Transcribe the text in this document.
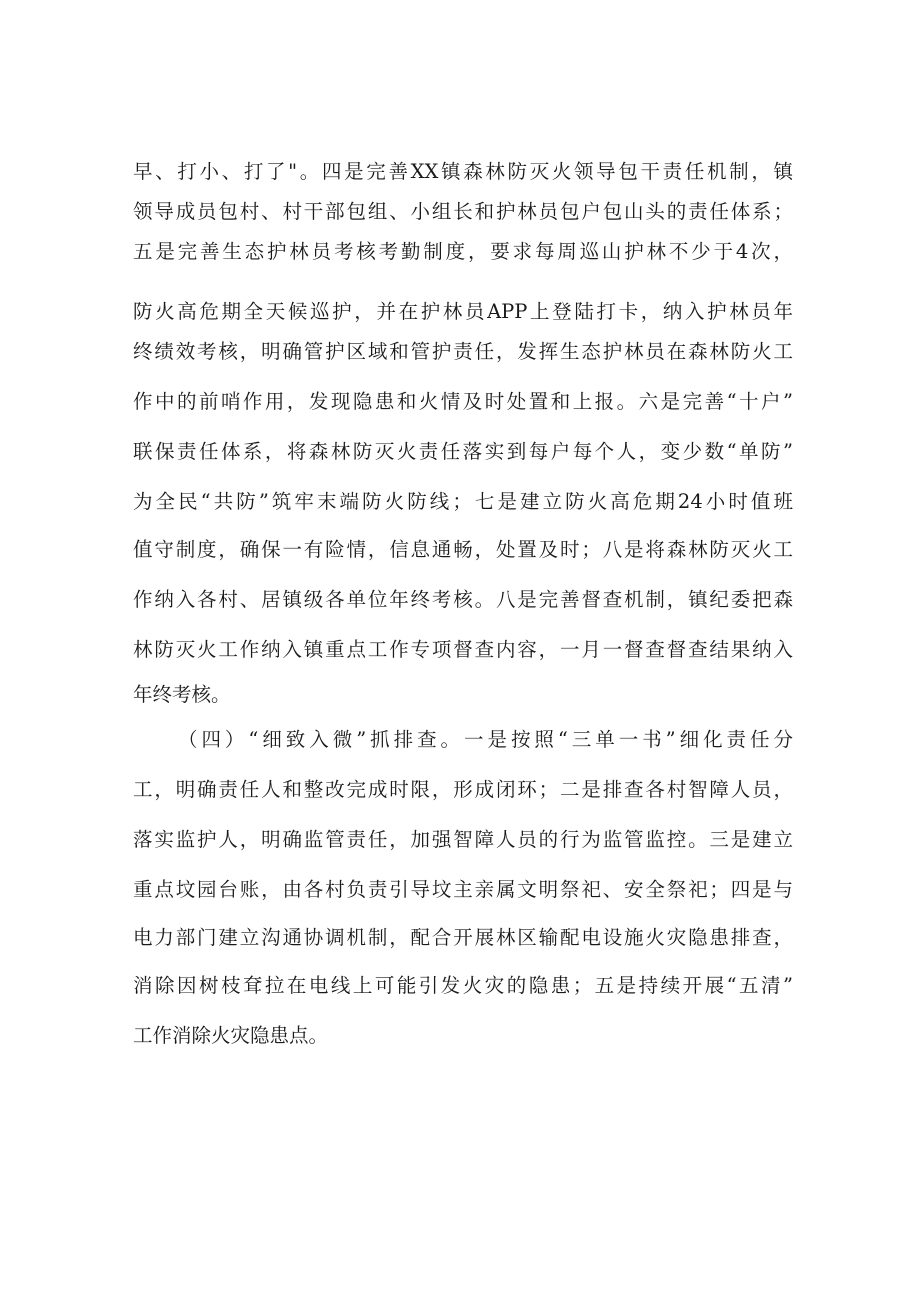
早、打小、打了"。四是完善XX镇森林防灭火领导包干责任机制，镇
领导成员包村、村干部包组、小组长和护林员包户包山头的责任体系；
五是完善生态护林员考核考勤制度，要求每周巡山护林不少于4次，
防火高危期全天候巡护，并在护林员APP上登陆打卡，纳入护林员年
终绩效考核，明确管护区域和管护责任，发挥生态护林员在森林防火工
作中的前哨作用，发现隐患和火情及时处置和上报。六是完善“十户”
联保责任体系，将森林防灭火责任落实到每户每个人，变少数“单防”
为全民“共防”筑牢末端防火防线；七是建立防火高危期24小时值班
值守制度，确保一有险情，信息通畅，处置及时；八是将森林防灭火工
作纳入各村、居镇级各单位年终考核。八是完善督查机制，镇纪委把森
林防灭火工作纳入镇重点工作专项督查内容，一月一督查督查结果纳入
年终考核。
（四）“细致入微”抓排查。一是按照“三单一书”细化责任分
工，明确责任人和整改完成时限，形成闭环；二是排查各村智障人员，
落实监护人，明确监管责任，加强智障人员的行为监管监控。三是建立
重点坟园台账，由各村负责引导坟主亲属文明祭祀、安全祭祀；四是与
电力部门建立沟通协调机制，配合开展林区输配电设施火灾隐患排查，
消除因树枝耷拉在电线上可能引发火灾的隐患；五是持续开展“五清”
工作消除火灾隐患点。
